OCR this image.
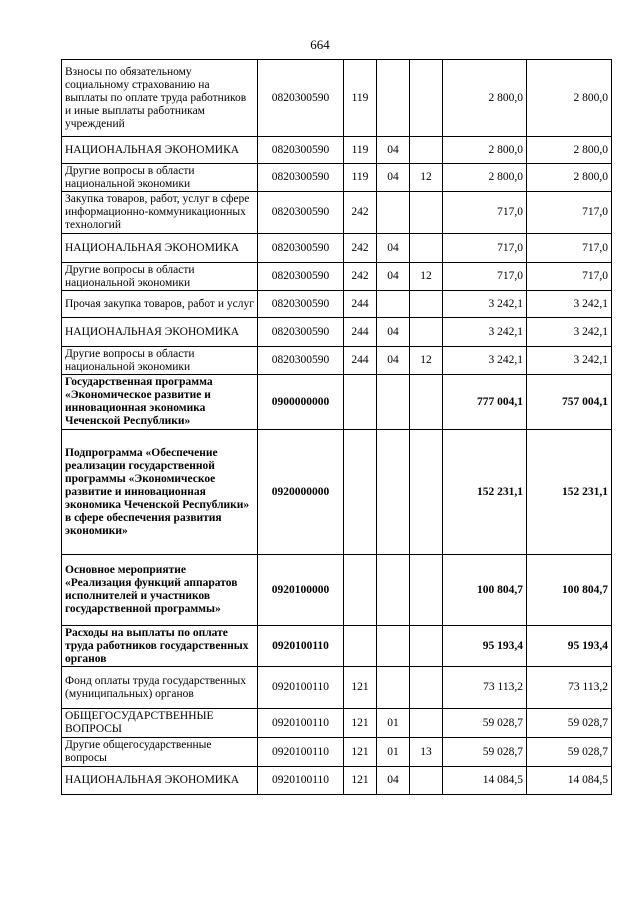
664
Взносы по обязательному социальному страхованию на выплаты по оплате труда работников и иные выплаты работникам учреждений	0820300590	119			2 800,0	2 800,0
НАЦИОНАЛЬНАЯ ЭКОНОМИКА	0820300590	119	04		2 800,0	2 800,0
Другие вопросы в области национальной экономики	0820300590	119	04	12	2 800,0	2 800,0
Закупка товаров, работ, услуг в сфере информационно-коммуникационных технологий	0820300590	242			717,0	717,0
НАЦИОНАЛЬНАЯ ЭКОНОМИКА	0820300590	242	04		717,0	717,0
Другие вопросы в области национальной экономики	0820300590	242	04	12	717,0	717,0
Прочая закупка товаров, работ и услуг	0820300590	244			3 242,1	3 242,1
НАЦИОНАЛЬНАЯ ЭКОНОМИКА	0820300590	244	04		3 242,1	3 242,1
Другие вопросы в области национальной экономики	0820300590	244	04	12	3 242,1	3 242,1
Государственная программа «Экономическое развитие и инновационная экономика Чеченской Республики»	0900000000				777 004,1	757 004,1
Подпрограмма «Обеспечение реализации государственной программы «Экономическое развитие и инновационная экономика Чеченской Республики» в сфере обеспечения развития экономики»	0920000000				152 231,1	152 231,1
Основное мероприятие «Реализация функций аппаратов исполнителей и участников государственной программы»	0920100000				100 804,7	100 804,7
Расходы на выплаты по оплате труда работников государственных органов	0920100110				95 193,4	95 193,4
Фонд оплаты труда государственных (муниципальных) органов	0920100110	121			73 113,2	73 113,2
ОБЩЕГОСУДАРСТВЕННЫЕ ВОПРОСЫ	0920100110	121	01		59 028,7	59 028,7
Другие общегосударственные вопросы	0920100110	121	01	13	59 028,7	59 028,7
НАЦИОНАЛЬНАЯ ЭКОНОМИКА	0920100110	121	04		14 084,5	14 084,5
